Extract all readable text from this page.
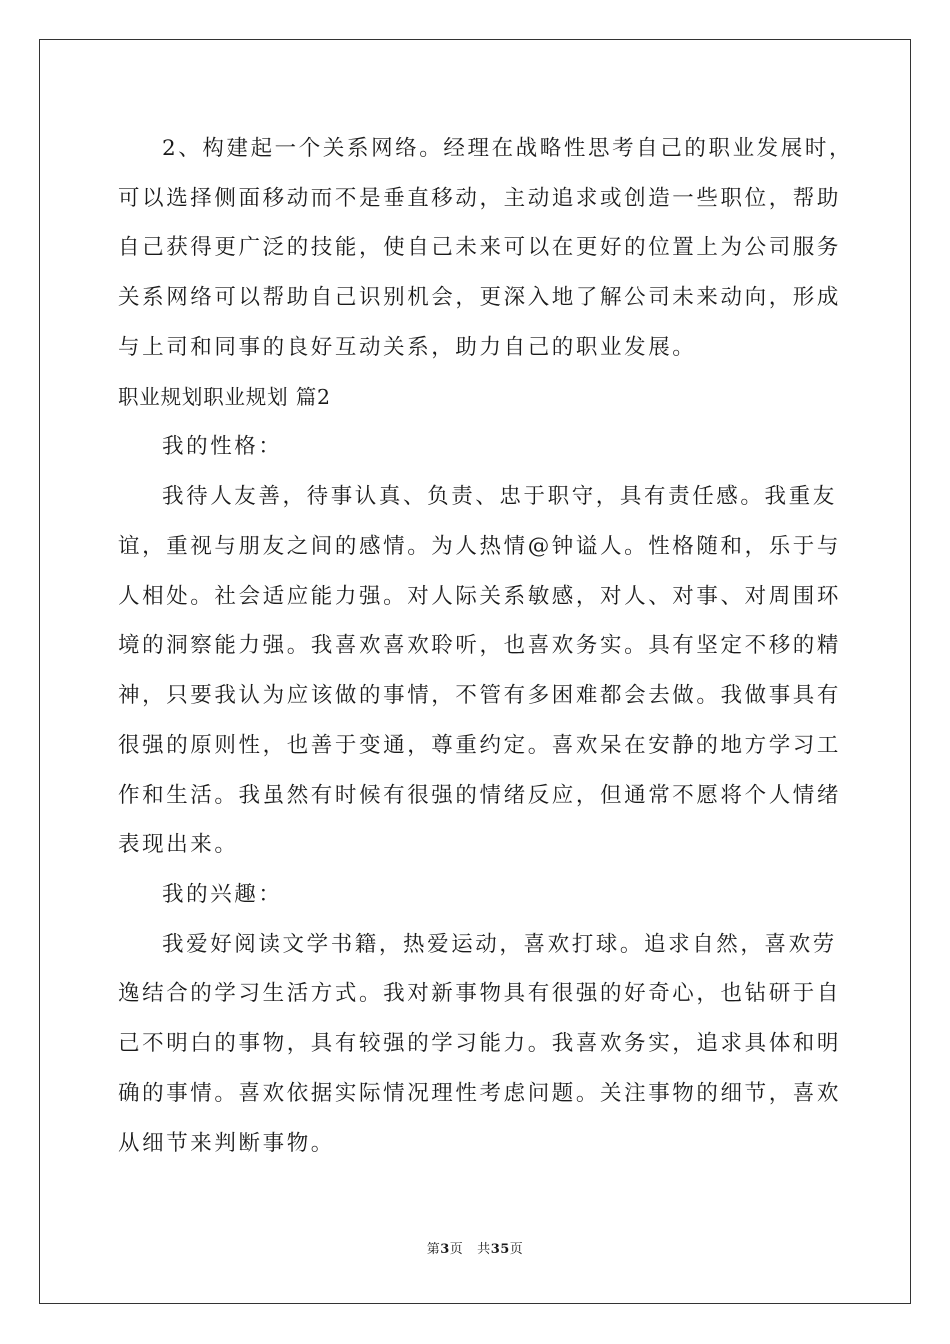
2、构建起一个关系网络。经理在战略性思考自己的职业发展时，
可以选择侧面移动而不是垂直移动，主动追求或创造一些职位，帮助
自己获得更广泛的技能，使自己未来可以在更好的位置上为公司服务
关系网络可以帮助自己识别机会，更深入地了解公司未来动向，形成
与上司和同事的良好互动关系，助力自己的职业发展。
职业规划职业规划 篇2
我的性格：
我待人友善，待事认真、负责、忠于职守，具有责任感。我重友
谊，重视与朋友之间的感情。为人热情@钟谥人。性格随和，乐于与
人相处。社会适应能力强。对人际关系敏感，对人、对事、对周围环
境的洞察能力强。我喜欢喜欢聆听，也喜欢务实。具有坚定不移的精
神，只要我认为应该做的事情，不管有多困难都会去做。我做事具有
很强的原则性，也善于变通，尊重约定。喜欢呆在安静的地方学习工
作和生活。我虽然有时候有很强的情绪反应，但通常不愿将个人情绪
表现出来。
我的兴趣：
我爱好阅读文学书籍，热爱运动，喜欢打球。追求自然，喜欢劳
逸结合的学习生活方式。我对新事物具有很强的好奇心，也钻研于自
己不明白的事物，具有较强的学习能力。我喜欢务实，追求具体和明
确的事情。喜欢依据实际情况理性考虑问题。关注事物的细节，喜欢
从细节来判断事物。
第3页 共35页
